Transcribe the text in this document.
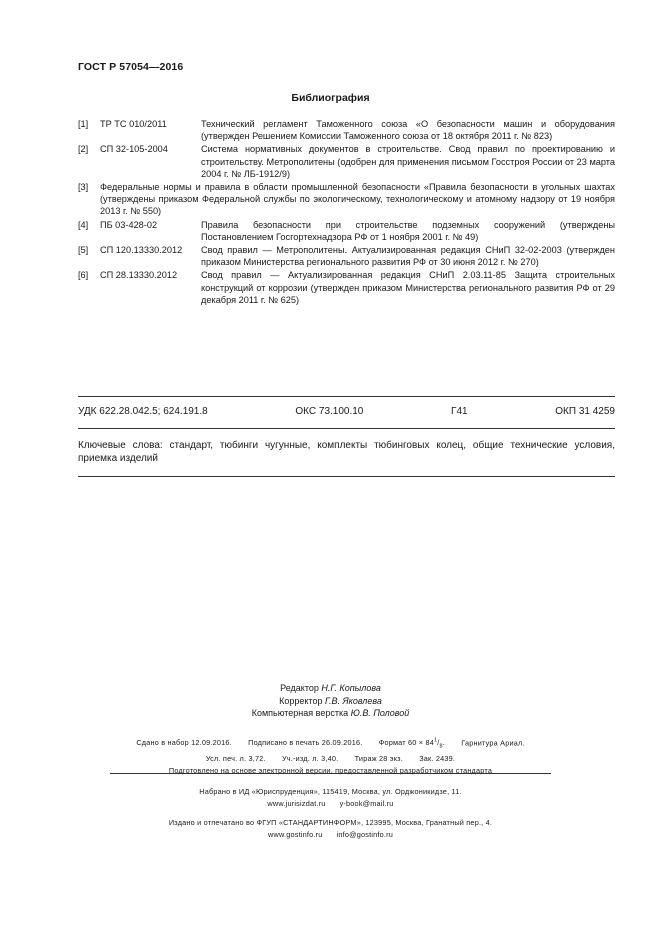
ГОСТ Р 57054—2016
Библиография
[1]	ТР ТС 010/2011	Технический регламент Таможенного союза «О безопасности машин и оборудования (утвержден Решением Комиссии Таможенного союза от 18 октября 2011 г. № 823)
[2]	СП 32-105-2004	Система нормативных документов в строительстве. Свод правил по проектированию и строительству. Метрополитены (одобрен для применения письмом Госстроя России от 23 марта 2004 г. № ЛБ-1912/9)
[3]	Федеральные нормы и правила в области промышленной безопасности «Правила безопасности в угольных шахтах (утверждены приказом Федеральной службы по экологическому, технологическому и атомному надзору от 19 ноября 2013 г. № 550)
[4]	ПБ 03-428-02	Правила безопасности при строительстве подземных сооружений (утверждены Постановлением Госгортехнадзора РФ от 1 ноября 2001 г. № 49)
[5]	СП 120.13330.2012	Свод правил — Метрополитены. Актуализированная редакция СНиП 32-02-2003 (утвержден приказом Министерства регионального развития РФ от 30 июня 2012 г. № 270)
[6]	СП 28.13330.2012	Свод правил — Актуализированная редакция СНиП 2.03.11-85 Защита строительных конструкций от коррозии (утвержден приказом Министерства регионального развития РФ от 29 декабря 2011 г. № 625)
УДК 622.28.042.5; 624.191.8	ОКС 73.100.10	Г41	ОКП 31 4259
Ключевые слова: стандарт, тюбинги чугунные, комплекты тюбинговых колец, общие технические условия, приемка изделий
Редактор Н.Г. Копылова
Корректор Г.В. Яковлева
Компьютерная верстка Ю.В. Половой
Сдано в набор 12.09.2016. Подписано в печать 26.09.2016. Формат $60 \times 84^1/_8$. Гарнитура Ариал.
Усл. печ. л. 3,72. Уч.-изд. л. 3,40. Тираж 28 экз. Зак. 2439.
Подготовлено на основе электронной версии, предоставленной разработчиком стандарта
Набрано в ИД «Юриспруденция», 115419, Москва, ул. Орджоникидзе, 11.
www.jurisizdat.ru y-book@mail.ru
Издано и отпечатано во ФГУП «СТАНДАРТИНФОРМ», 123995, Москва, Гранатный пер., 4.
www.gostinfo.ru info@gostinfo.ru
